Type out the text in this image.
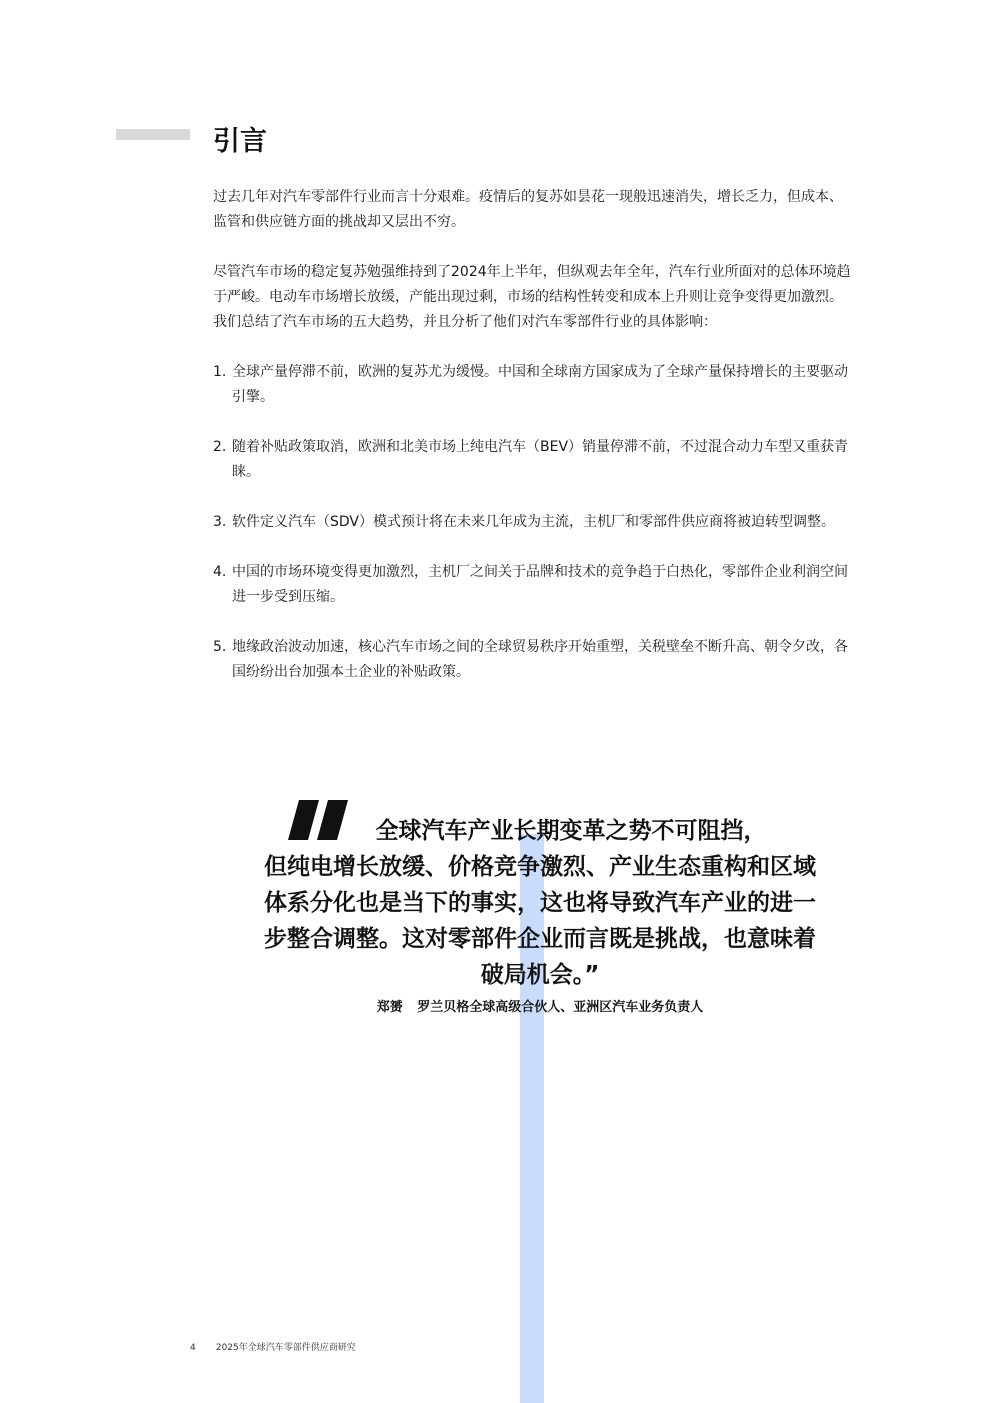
引言

过去几年对汽车零部件行业而言十分艰难。疫情后的复苏如昙花一现般迅速消失，增长乏力，但成本、监管和供应链方面的挑战却又层出不穷。

尽管汽车市场的稳定复苏勉强维持到了2024年上半年，但纵观去年全年，汽车行业所面对的总体环境趋于严峻。电动车市场增长放缓，产能出现过剩，市场的结构性转变和成本上升则让竞争变得更加激烈。我们总结了汽车市场的五大趋势，并且分析了他们对汽车零部件行业的具体影响：

1. 全球产量停滞不前，欧洲的复苏尤为缓慢。中国和全球南方国家成为了全球产量保持增长的主要驱动引擎。
2. 随着补贴政策取消，欧洲和北美市场上纯电汽车（BEV）销量停滞不前，不过混合动力车型又重获青睐。
3. 软件定义汽车（SDV）模式预计将在未来几年成为主流，主机厂和零部件供应商将被迫转型调整。
4. 中国的市场环境变得更加激烈，主机厂之间关于品牌和技术的竞争趋于白热化，零部件企业利润空间进一步受到压缩。
5. 地缘政治波动加速，核心汽车市场之间的全球贸易秩序开始重塑，关税壁垒不断升高、朝令夕改，各国纷纷出台加强本土企业的补贴政策。
全球汽车产业长期变革之势不可阻挡，
但纯电增长放缓、价格竞争激烈、产业生态重构和区域体系分化也是当下的事实，这也将导致汽车产业的进一步整合调整。这对零部件企业而言既是挑战，也意味着破局机会。”
郑赟 罗兰贝格全球高级合伙人、亚洲区汽车业务负责人
4 2025年全球汽车零部件供应商研究
